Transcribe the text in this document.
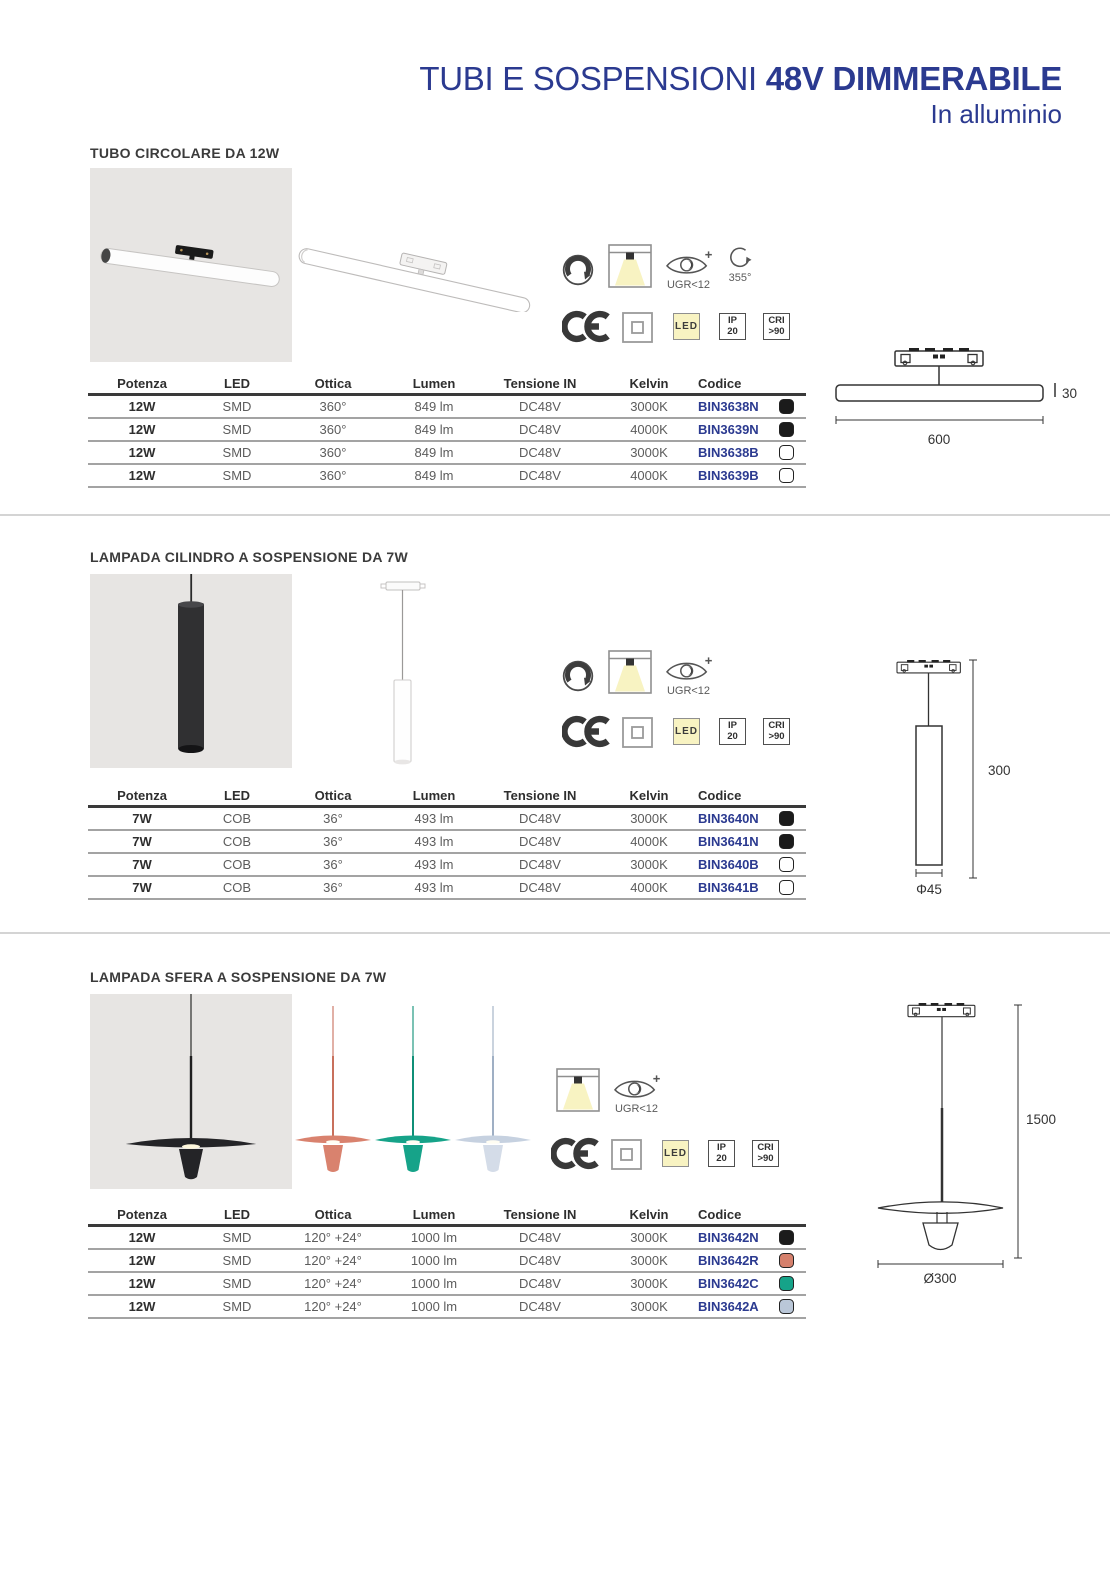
TUBI E SOSPENSIONI 48V DIMMERABILE
In alluminio
TUBO CIRCOLARE DA 12W
UGR<12
355°
LED
IP
20
CRI
>90
30
600
Potenza	LED	Ottica	Lumen	Tensione IN	Kelvin	Codice
12W	SMD	360°	849 lm	DC48V	3000K	BIN3638N
12W	SMD	360°	849 lm	DC48V	4000K	BIN3639N
12W	SMD	360°	849 lm	DC48V	3000K	BIN3638B
12W	SMD	360°	849 lm	DC48V	4000K	BIN3639B
LAMPADA CILINDRO A SOSPENSIONE DA 7W
UGR<12
LED
IP
20
CRI
>90
300
Φ45
Potenza	LED	Ottica	Lumen	Tensione IN	Kelvin	Codice
7W	COB	36°	493 lm	DC48V	3000K	BIN3640N
7W	COB	36°	493 lm	DC48V	4000K	BIN3641N
7W	COB	36°	493 lm	DC48V	3000K	BIN3640B
7W	COB	36°	493 lm	DC48V	4000K	BIN3641B
LAMPADA SFERA A SOSPENSIONE DA 7W
UGR<12
LED
IP
20
CRI
>90
1500
Ø300
Potenza	LED	Ottica	Lumen	Tensione IN	Kelvin	Codice
12W	SMD	120° +24°	1000 lm	DC48V	3000K	BIN3642N
12W	SMD	120° +24°	1000 lm	DC48V	3000K	BIN3642R
12W	SMD	120° +24°	1000 lm	DC48V	3000K	BIN3642C
12W	SMD	120° +24°	1000 lm	DC48V	3000K	BIN3642A
